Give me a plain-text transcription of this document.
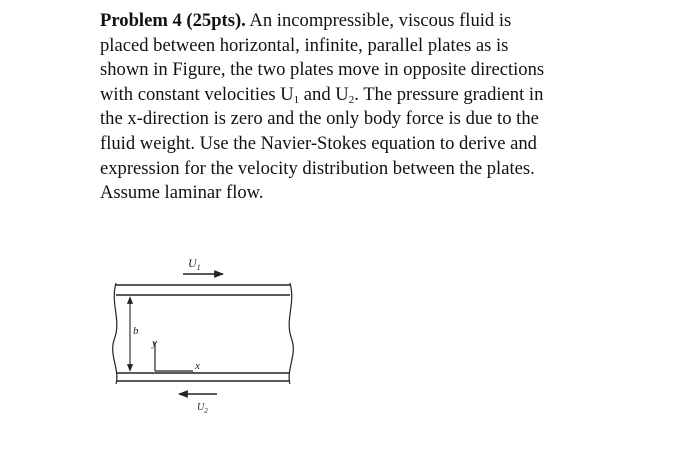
Problem 4 (25pts). An incompressible, viscous fluid is
placed between horizontal, infinite, parallel plates as is
shown in Figure, the two plates move in opposite directions
with constant velocities $U_1$ and $U_2$. The pressure gradient in
the x-direction is zero and the only body force is due to the
fluid weight. Use the Navier-Stokes equation to derive and
expression for the velocity distribution between the plates.
Assume laminar flow.
$U_1$
b
y
x
$U_2$
